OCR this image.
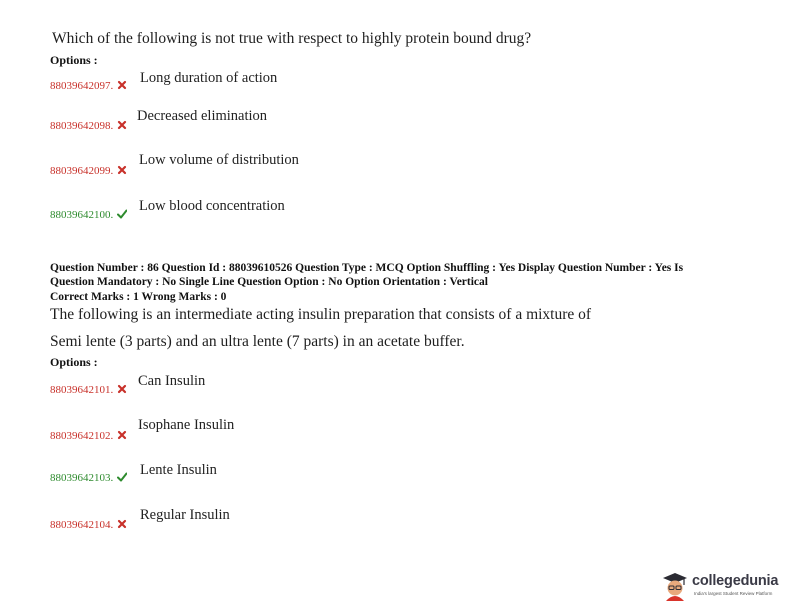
Which of the following is not true with respect to highly protein bound drug?
Options :
88039642097.	Long duration of action
88039642098.
Decreased elimination
88039642099.
Low volume of distribution
88039642100.
Low blood concentration
Question Number : 86 Question Id : 88039610526 Question Type : MCQ Option Shuffling : Yes Display Question Number : Yes Is
Question Mandatory : No Single Line Question Option : No Option Orientation : Vertical
Correct Marks : 1 Wrong Marks : 0
The following is an intermediate acting insulin preparation that consists of a mixture of
Semi lente (3 parts) and an ultra lente (7 parts) in an acetate buffer.
Options :
88039642101.
Can Insulin
88039642102.
Isophane Insulin
88039642103.	Lente Insulin
88039642104.
Regular Insulin
collegedunia
India's largest Student Review Platform
